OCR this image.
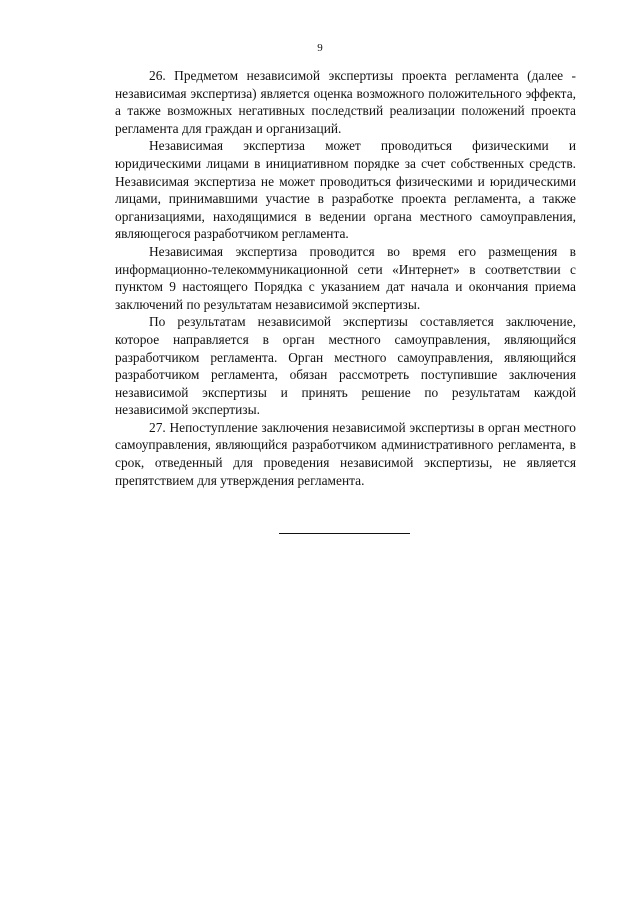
9

26. Предметом независимой экспертизы проекта регламента (далее - независимая экспертиза) является оценка возможного положительного эффекта, а также возможных негативных последствий реализации положений проекта регламента для граждан и организаций.

Независимая экспертиза может проводиться физическими и юридическими лицами в инициативном порядке за счет собственных средств. Независимая экспертиза не может проводиться физическими и юридическими лицами, принимавшими участие в разработке проекта регламента, а также организациями, находящимися в ведении органа местного самоуправления, являющегося разработчиком регламента.

Независимая экспертиза проводится во время его размещения в информационно-телекоммуникационной сети «Интернет» в соответствии с пунктом 9 настоящего Порядка с указанием дат начала и окончания приема заключений по результатам независимой экспертизы.

По результатам независимой экспертизы составляется заключение, которое направляется в орган местного самоуправления, являющийся разработчиком регламента. Орган местного самоуправления, являющийся разработчиком регламента, обязан рассмотреть поступившие заключения независимой экспертизы и принять решение по результатам каждой независимой экспертизы.

27. Непоступление заключения независимой экспертизы в орган местного самоуправления, являющийся разработчиком административного регламента, в срок, отведенный для проведения независимой экспертизы, не является препятствием для утверждения регламента.
